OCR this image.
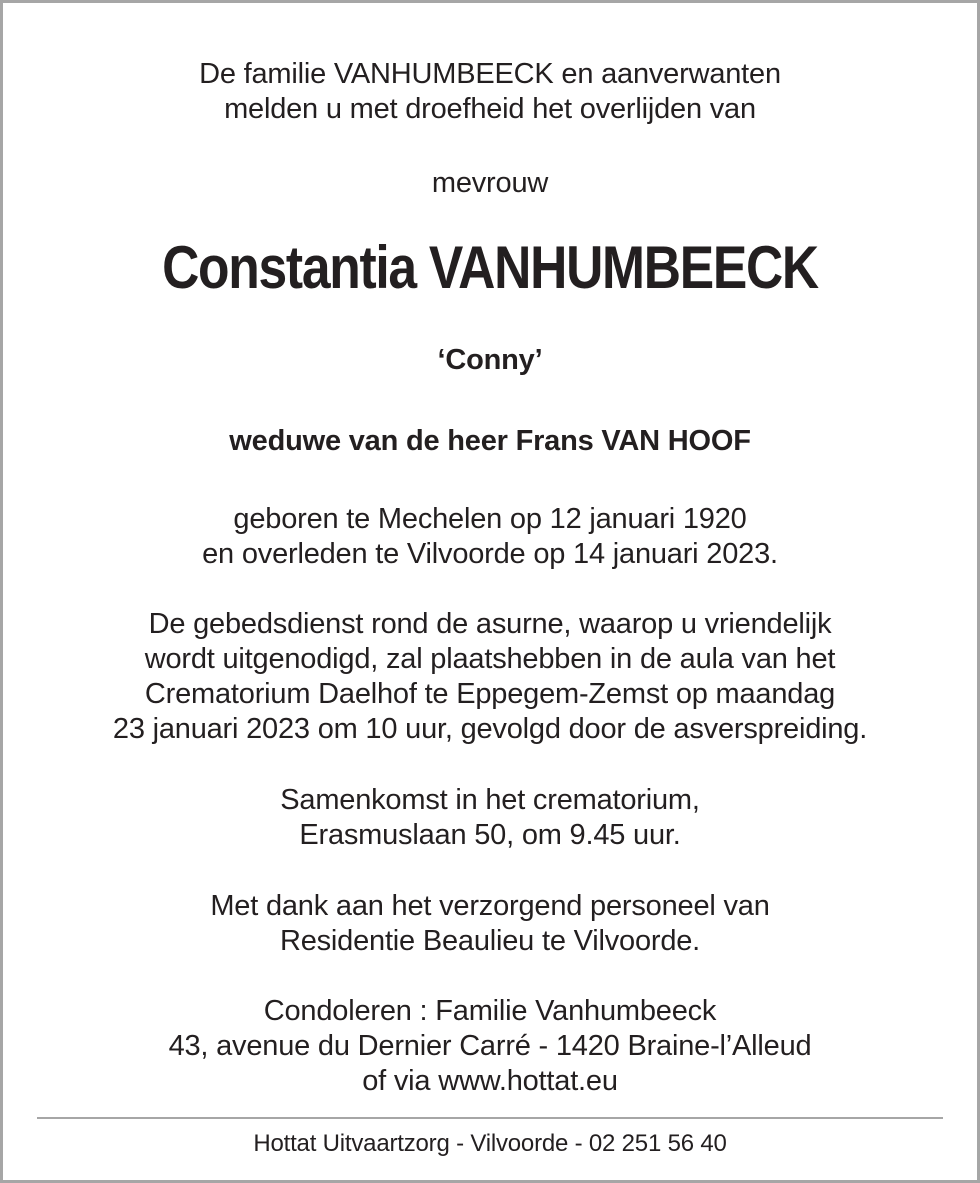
De familie VANHUMBEECK en aanverwanten
melden u met droefheid het overlijden van
mevrouw
Constantia VANHUMBEECK
‘Conny’
weduwe van de heer Frans VAN HOOF
geboren te Mechelen op 12 januari 1920
en overleden te Vilvoorde op 14 januari 2023.
De gebedsdienst rond de asurne, waarop u vriendelijk
wordt uitgenodigd, zal plaatshebben in de aula van het
Crematorium Daelhof te Eppegem-Zemst op maandag
23 januari 2023 om 10 uur, gevolgd door de asverspreiding.
Samenkomst in het crematorium,
Erasmuslaan 50, om 9.45 uur.
Met dank aan het verzorgend personeel van
Residentie Beaulieu te Vilvoorde.
Condoleren : Familie Vanhumbeeck
43, avenue du Dernier Carré - 1420 Braine-l’Alleud
of via www.hottat.eu
Hottat Uitvaartzorg - Vilvoorde - 02 251 56 40
